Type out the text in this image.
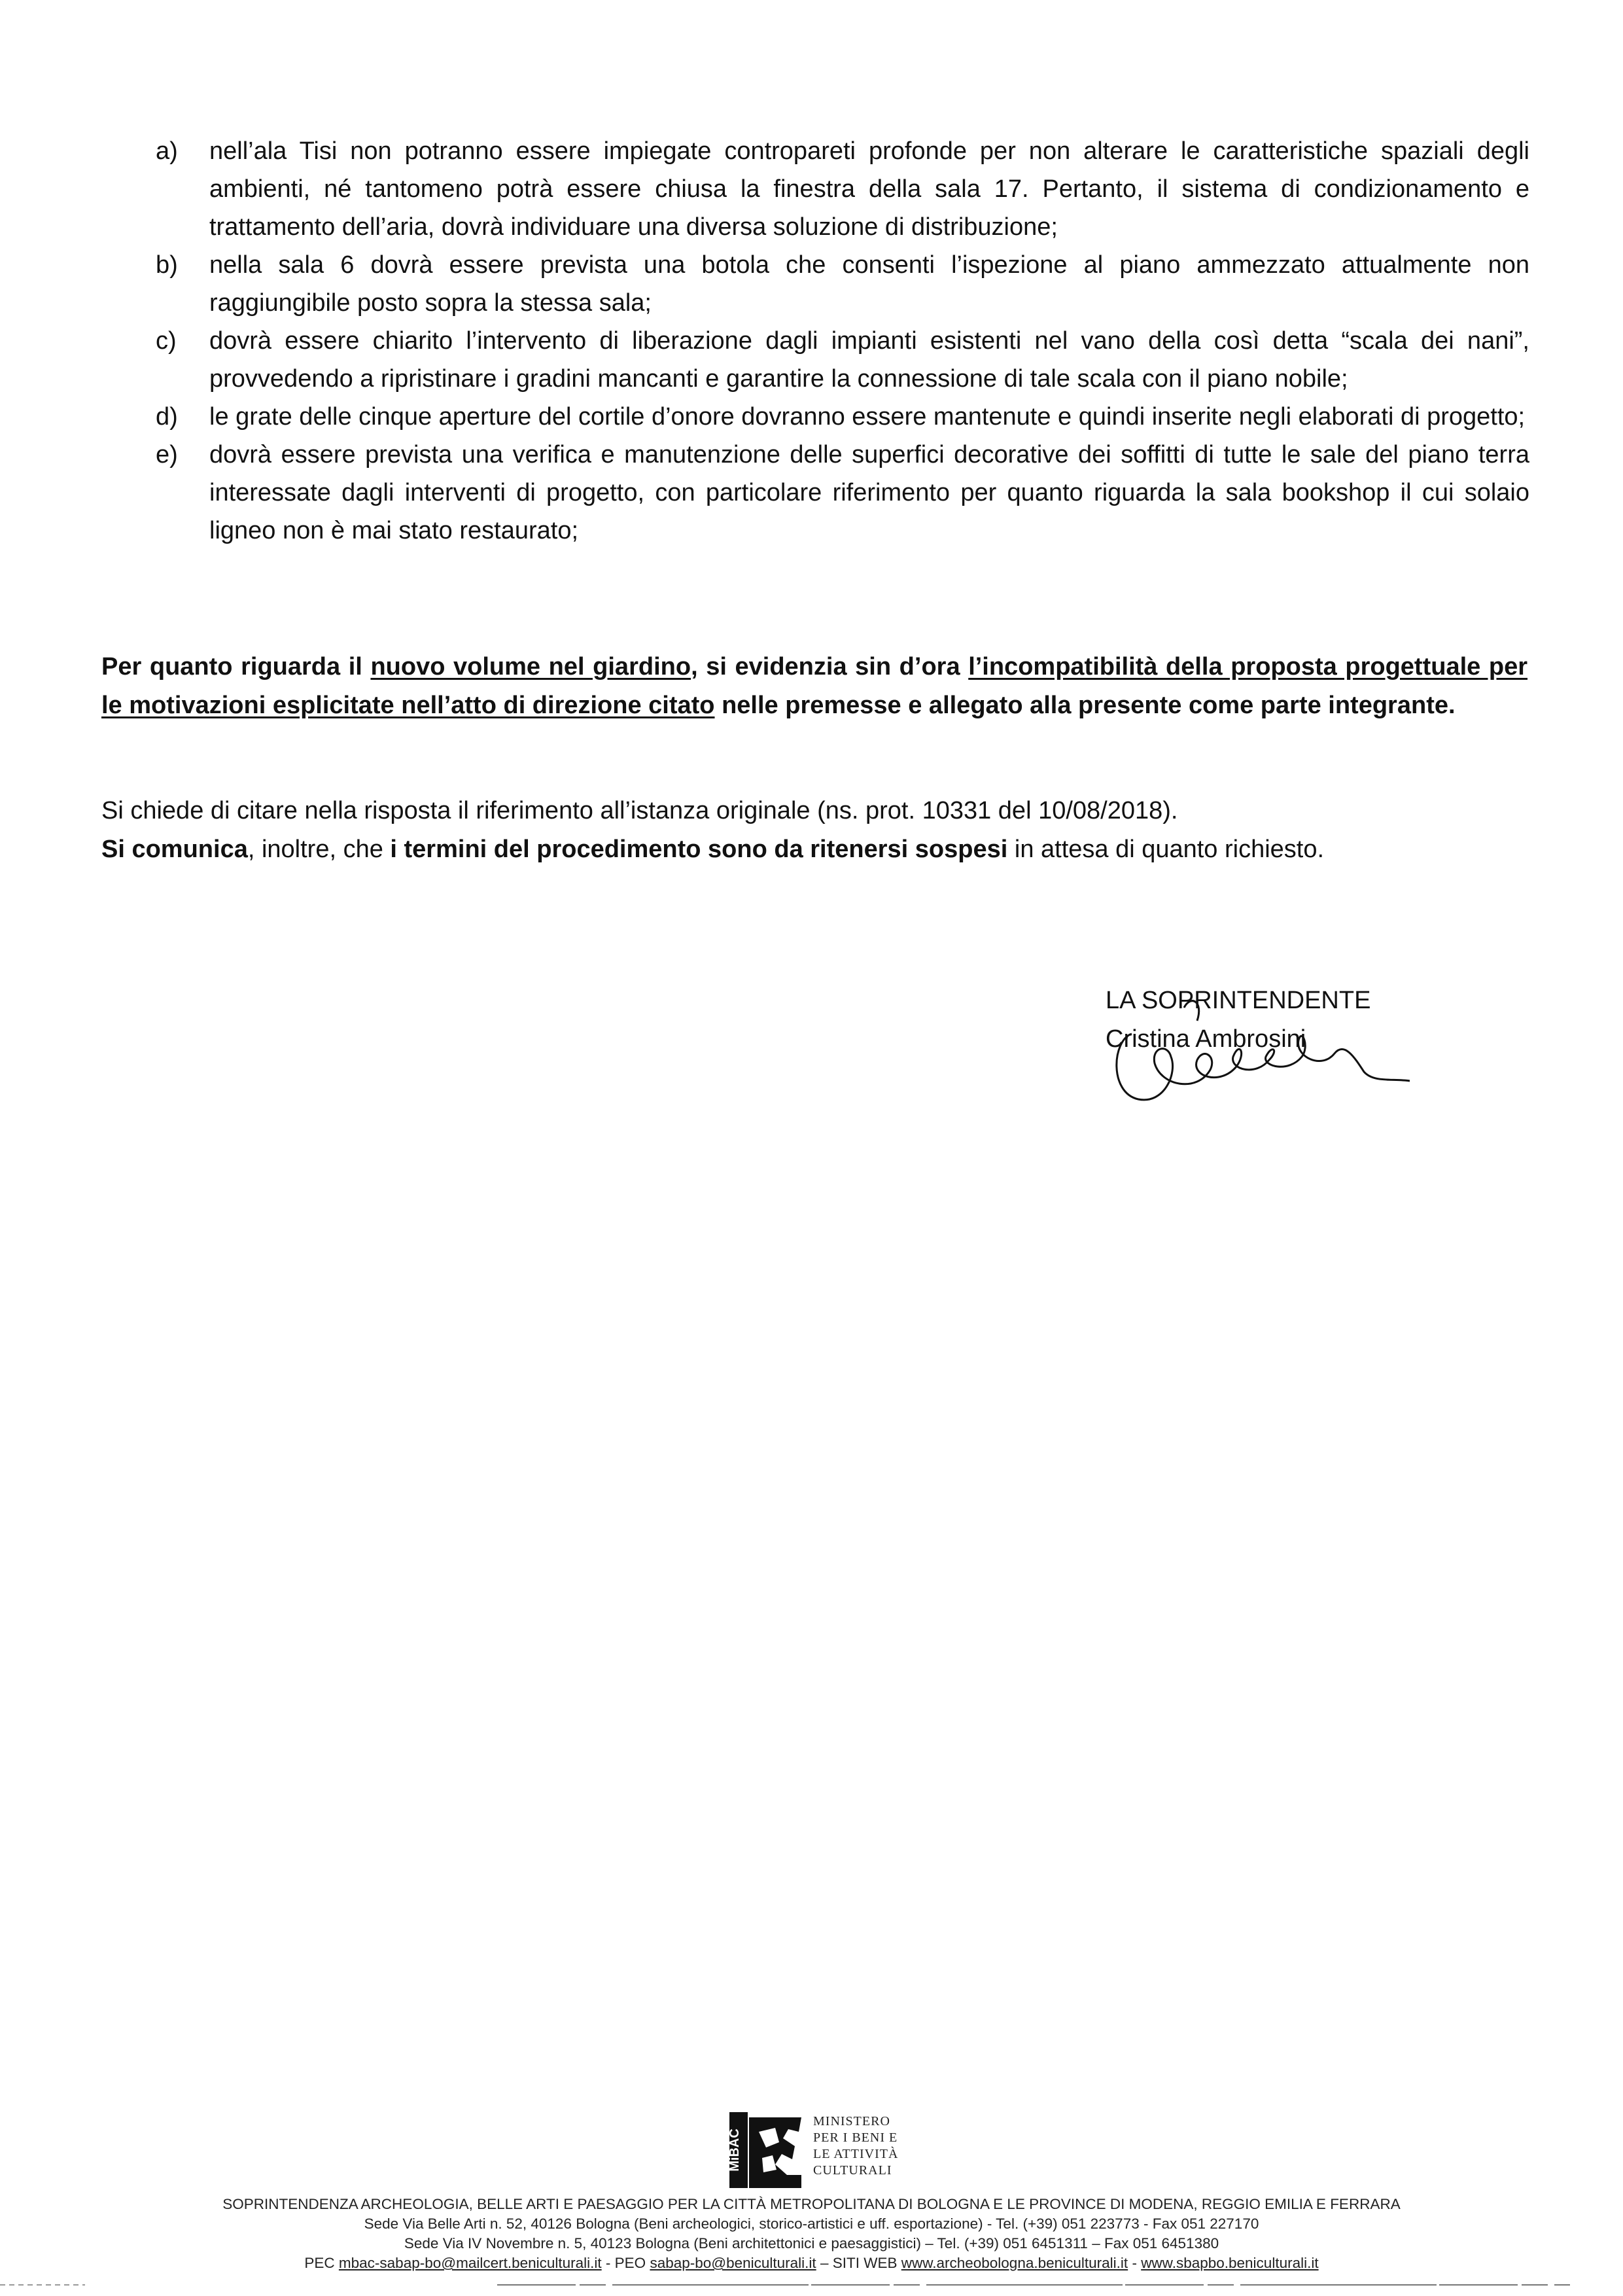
a) nell’ala Tisi non potranno essere impiegate contropareti profonde per non alterare le caratteristiche spaziali degli ambienti, né tantomeno potrà essere chiusa la finestra della sala 17. Pertanto, il sistema di condizionamento e trattamento dell’aria, dovrà individuare una diversa soluzione di distribuzione;
b) nella sala 6 dovrà essere prevista una botola che consenti l’ispezione al piano ammezzato attualmente non raggiungibile posto sopra la stessa sala;
c) dovrà essere chiarito l’intervento di liberazione dagli impianti esistenti nel vano della così detta “scala dei nani”, provvedendo a ripristinare i gradini mancanti e garantire la connessione di tale scala con il piano nobile;
d) le grate delle cinque aperture del cortile d’onore dovranno essere mantenute e quindi inserite negli elaborati di progetto;
e) dovrà essere prevista una verifica e manutenzione delle superfici decorative dei soffitti di tutte le sale del piano terra interessate dagli interventi di progetto, con particolare riferimento per quanto riguarda la sala bookshop il cui solaio ligneo non è mai stato restaurato;
Per quanto riguarda il nuovo volume nel giardino, si evidenzia sin d’ora l’incompatibilità della proposta progettuale per le motivazioni esplicitate nell’atto di direzione citato nelle premesse e allegato alla presente come parte integrante.

Si chiede di citare nella risposta il riferimento all’istanza originale (ns. prot. 10331 del 10/08/2018).

Si comunica, inoltre, che i termini del procedimento sono da ritenersi sospesi in attesa di quanto richiesto.

LA SOPRINTENDENTE
Cristina Ambrosini
MiBAC
MINISTERO
PER I BENI E
LE ATTIVITÀ
CULTURALI
SOPRINTENDENZA ARCHEOLOGIA, BELLE ARTI E PAESAGGIO PER LA CITTÀ METROPOLITANA DI BOLOGNA E LE PROVINCE DI MODENA, REGGIO EMILIA E FERRARA
Sede Via Belle Arti n. 52, 40126 Bologna (Beni archeologici, storico-artistici e uff. esportazione) - Tel. (+39) 051 223773 - Fax 051 227170
Sede Via IV Novembre n. 5, 40123 Bologna (Beni architettonici e paesaggistici) – Tel. (+39) 051 6451311 – Fax 051 6451380
PEC mbac-sabap-bo@mailcert.beniculturali.it - PEO sabap-bo@beniculturali.it – SITI WEB www.archeobologna.beniculturali.it - www.sbapbo.beniculturali.it
